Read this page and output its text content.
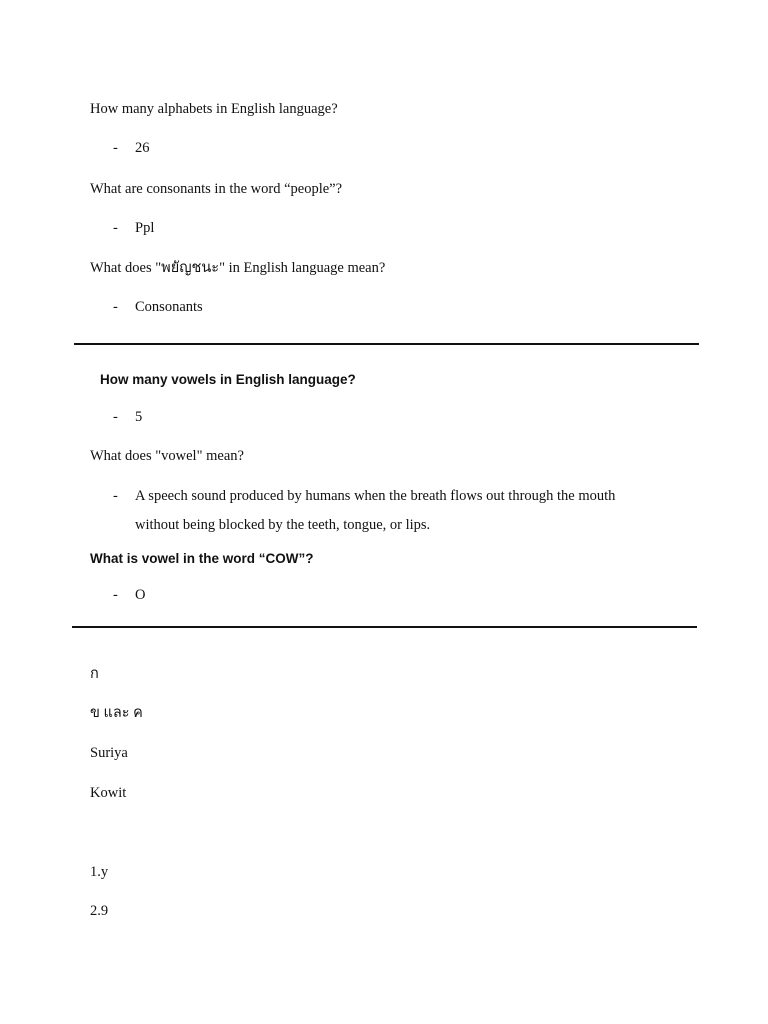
How many alphabets in English language?
- 26
What are consonants in the word “people”?
- Ppl
What does "พยัญชนะ" in English language mean?
- Consonants
How many vowels in English language?
- 5
What does "vowel" mean?
- A speech sound produced by humans when the breath flows out through the mouth
without being blocked by the teeth, tongue, or lips.
What is vowel in the word “COW”?
- O
ก
ข และ ค
Suriya
Kowit
1.y
2.9
